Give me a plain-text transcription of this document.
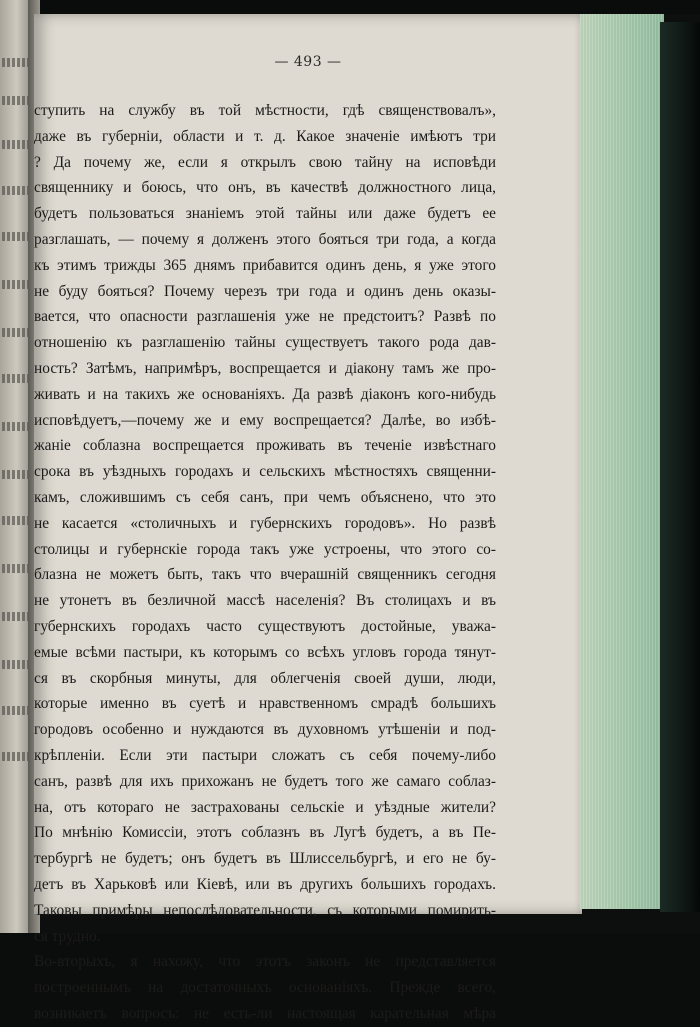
— 493 —
ступить на службу въ той мѣстности, гдѣ священствовалъ»,
даже въ губерніи, области и т. д. Какое значеніе имѣютъ три
? Да почему же, если я открылъ свою тайну на исповѣди
священнику и боюсь, что онъ, въ качествѣ должностного лица,
будетъ пользоваться знаніемъ этой тайны или даже будетъ ее
разглашать, — почему я долженъ этого бояться три года, а когда
къ этимъ трижды 365 днямъ прибавится одинъ день, я уже этого
не буду бояться? Почему черезъ три года и одинъ день оказы-
вается, что опасности разглашенія уже не предстоитъ? Развѣ по
отношенію къ разглашенію тайны существуетъ такого рода дав-
ность? Затѣмъ, напримѣръ, воспрещается и діакону тамъ же про-
живать и на такихъ же основаніяхъ. Да развѣ діаконъ кого-нибудь
исповѣдуетъ,—почему же и ему воспрещается? Далѣе, во избѣ-
жаніе соблазна воспрещается проживать въ теченіе извѣстнаго
срока въ уѣздныхъ городахъ и сельскихъ мѣстностяхъ священни-
камъ, сложившимъ съ себя санъ, при чемъ объяснено, что это
не касается «столичныхъ и губернскихъ городовъ». Но развѣ
столицы и губернскіе города такъ уже устроены, что этого со-
блазна не можетъ быть, такъ что вчерашній священникъ сегодня
не утонетъ въ безличной массѣ населенія? Въ столицахъ и въ
губернскихъ городахъ часто существуютъ достойные, уважа-
емые всѣми пастыри, къ которымъ со всѣхъ угловъ города тянут-
ся въ скорбныя минуты, для облегченія своей души, люди,
которые именно въ суетѣ и нравственномъ смрадѣ большихъ
городовъ особенно и нуждаются въ духовномъ утѣшеніи и под-
крѣпленіи. Если эти пастыри сложатъ съ себя почему-либо
санъ, развѣ для ихъ прихожанъ не будетъ того же самаго соблаз-
на, отъ котораго не застрахованы сельскіе и уѣздные жители?
По мнѣнію Комиссіи, этотъ соблазнъ въ Лугѣ будетъ, а въ Пе-
тербургѣ не будетъ; онъ будетъ въ Шлиссельбургѣ, и его не бу-
детъ въ Харьковѣ или Кіевѣ, или въ другихъ большихъ городахъ.
Таковы примѣры непослѣдовательности, съ которыми помирить-
ся трудно.
Во-вторыхъ, я нахожу, что этотъ законъ не представляется
построеннымъ на достаточныхъ основаніяхъ. Прежде всего,
возникаетъ вопросъ: не есть-ли настоящая карательная мѣра
